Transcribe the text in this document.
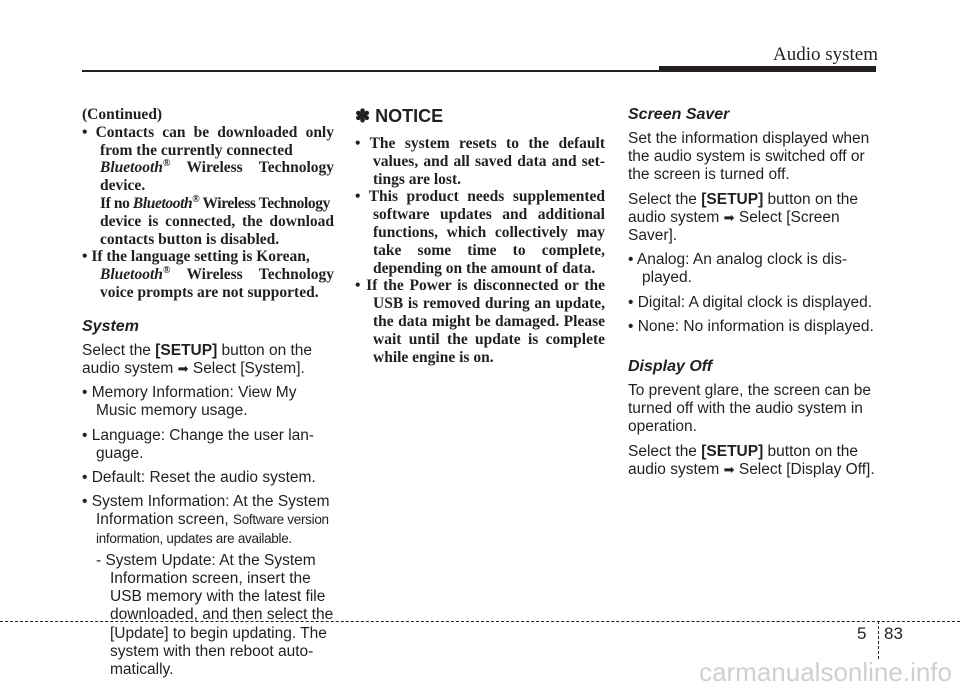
Audio system

(Continued)

• Contacts can be downloaded only from the currently connected

Bluetooth® Wireless Technology device.

If no Bluetooth® Wireless Technology

device is connected, the download contacts button is disabled.

• If the language setting is Korean,

Bluetooth® Wireless Technology voice prompts are not supported.

System

Select the [SETUP] button on the audio system ➡ Select [System].

• Memory Information: View My Music memory usage.

• Language: Change the user lan-guage.

• Default: Reset the audio system.

• System Information: At the System Information screen, Software version information, updates are available.

- System Update: At the System Information screen, insert the USB memory with the latest file downloaded, and then select the [Update] to begin updating. The system with then reboot auto-matically.

✽ NOTICE

• The system resets to the default values, and all saved data and set-tings are lost.

• This product needs supplemented software updates and additional functions, which collectively may take some time to complete, depending on the amount of data.

• If the Power is disconnected or the USB is removed during an update, the data might be damaged. Please wait until the update is complete while engine is on.

Screen Saver

Set the information displayed when the audio system is switched off or the screen is turned off.

Select the [SETUP] button on the audio system ➡ Select [Screen Saver].

• Analog: An analog clock is dis-played.

• Digital: A digital clock is displayed.

• None: No information is displayed.

Display Off

To prevent glare, the screen can be turned off with the audio system in operation.

Select the [SETUP] button on the audio system ➡ Select [Display Off].

5 83
carmanualsonline.info
